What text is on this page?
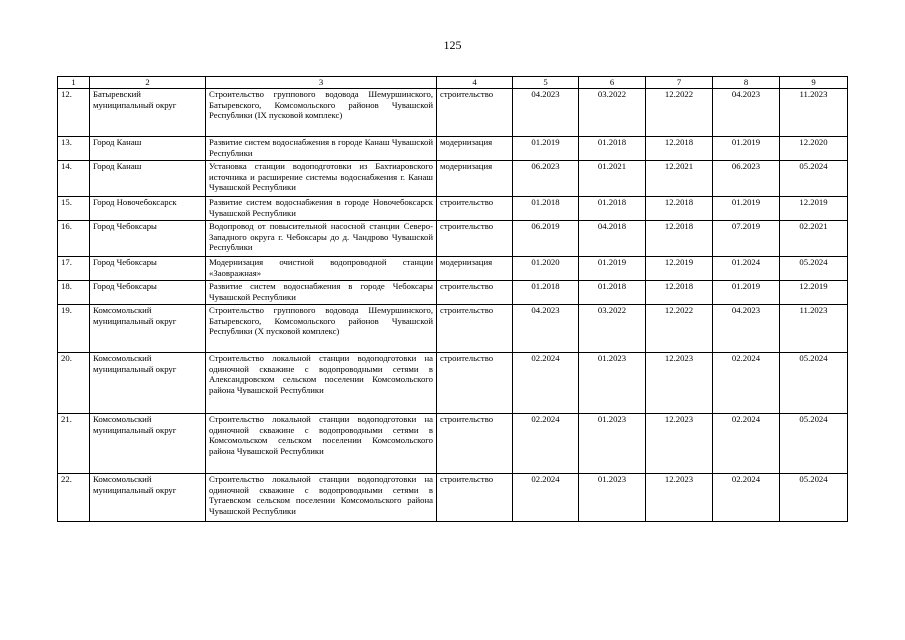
125
1	2	3	4	5	6	7	8	9
12.	Батыревский муниципальный округ	Строительство группового водовода Шемуршинского, Батыревского, Комсомольского районов Чувашской Республики (IX пусковой комплекс)	строительство	04.2023	03.2022	12.2022	04.2023	11.2023
13.	Город Канаш	Развитие систем водоснабжения в городе Канаш Чувашской Республики	модернизация	01.2019	01.2018	12.2018	01.2019	12.2020
14.	Город Канаш	Установка станции водоподготовки из Бахтиаровского источника и расширение системы водоснабжения г. Канаш Чувашской Республики	модернизация	06.2023	01.2021	12.2021	06.2023	05.2024
15.	Город Новочебоксарск	Развитие систем водоснабжения в городе Новочебоксарск Чувашской Республики	строительство	01.2018	01.2018	12.2018	01.2019	12.2019
16.	Город Чебоксары	Водопровод от повысительной насосной станции Северо-Западного округа г. Чебоксары до д. Чандрово Чувашской Республики	строительство	06.2019	04.2018	12.2018	07.2019	02.2021
17.	Город Чебоксары	Модернизация очистной водопроводной станции «Заовражная»	модернизация	01.2020	01.2019	12.2019	01.2024	05.2024
18.	Город Чебоксары	Развитие систем водоснабжения в городе Чебоксары Чувашской Республики	строительство	01.2018	01.2018	12.2018	01.2019	12.2019
19.	Комсомольский муниципальный округ	Строительство группового водовода Шемуршинского, Батыревского, Комсомольского районов Чувашской Республики (X пусковой комплекс)	строительство	04.2023	03.2022	12.2022	04.2023	11.2023
20.	Комсомольский муниципальный округ	Строительство локальной станции водоподготовки на одиночной скважине с водопроводными сетями в Александровском сельском поселении Комсомольского района Чувашской Республики	строительство	02.2024	01.2023	12.2023	02.2024	05.2024
21.	Комсомольский муниципальный округ	Строительство локальной станции водоподготовки на одиночной скважине с водопроводными сетями в Комсомольском сельском поселении Комсомольского района Чувашской Республики	строительство	02.2024	01.2023	12.2023	02.2024	05.2024
22.	Комсомольский муниципальный округ	Строительство локальной станции водоподготовки на одиночной скважине с водопроводными сетями в Тугаевском сельском поселении Комсомольского района Чувашской Республики	строительство	02.2024	01.2023	12.2023	02.2024	05.2024
